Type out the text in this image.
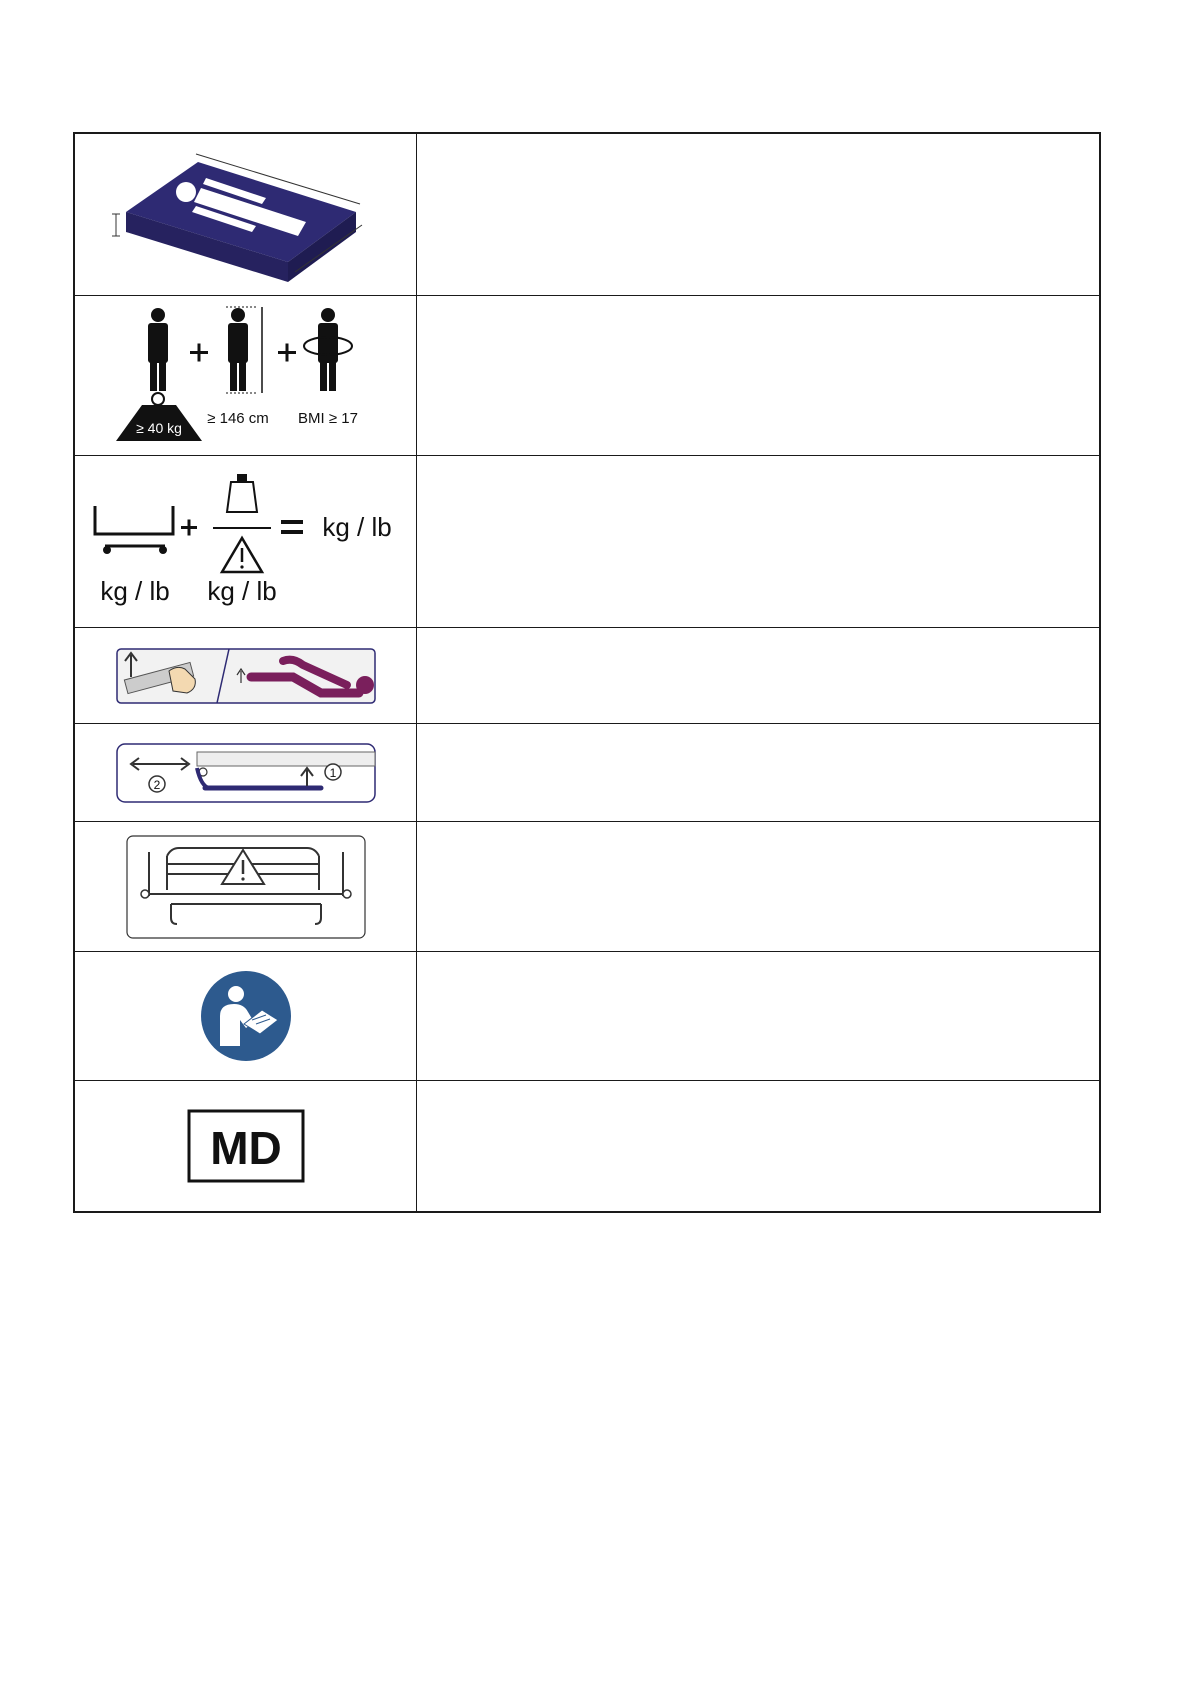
≥ 40 kg
≥ 146 cm BMI ≥ 17
kg / lb
kg / lb kg / lb
2
1
MD
